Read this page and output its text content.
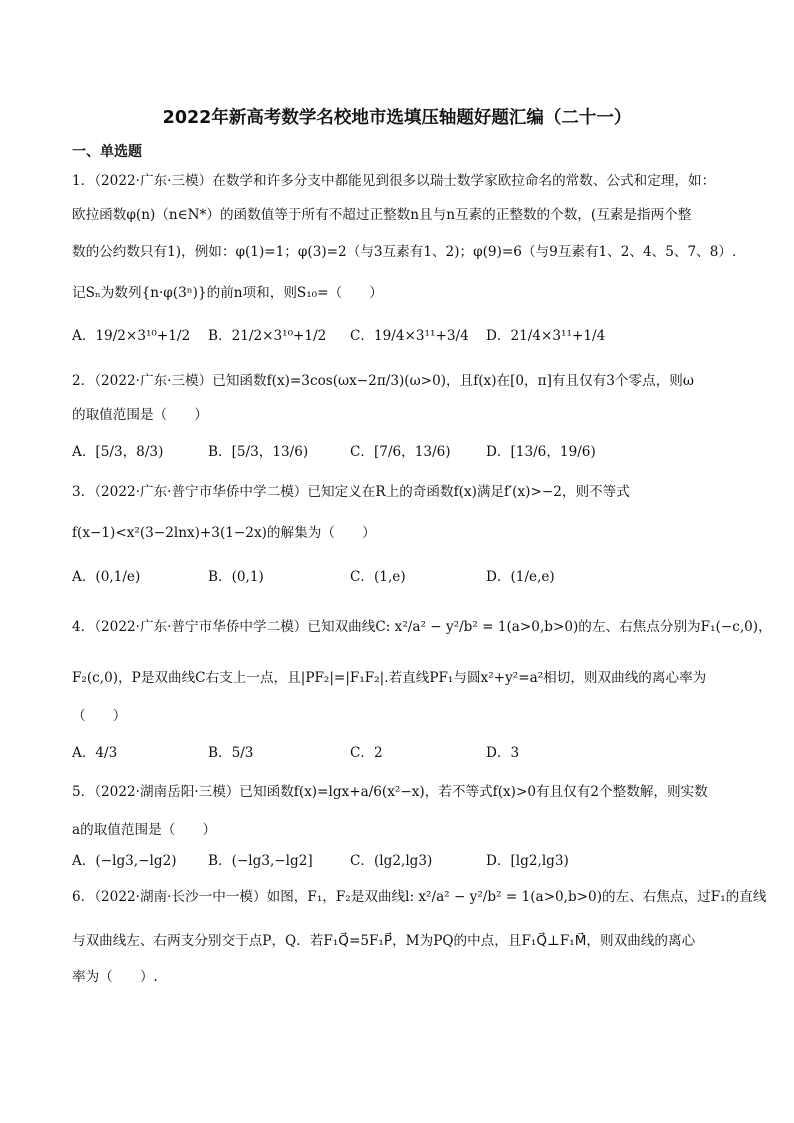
2022年新高考数学名校地市选填压轴题好题汇编（二十一）
一、单选题
1．（2022·广东·三模）在数学和许多分支中都能见到很多以瑞士数学家欧拉命名的常数、公式和定理，如：
欧拉函数φ(n)（n∈N*）的函数值等于所有不超过正整数n且与n互素的正整数的个数，(互素是指两个整
数的公约数只有1)，例如：φ(1)=1；φ(3)=2（与3互素有1、2)；φ(9)=6（与9互素有1、2、4、5、7、8）.
记Sₙ为数列{n·φ(3ⁿ)}的前n项和，则S₁₀=（　　）
A．19/2×3¹⁰+1/2 B．21/2×3¹⁰+1/2 C．19/4×3¹¹+3/4 D．21/4×3¹¹+1/4
2．（2022·广东·三模）已知函数f(x)=3cos(ωx−2π/3)(ω>0)，且f(x)在[0，π]有且仅有3个零点，则ω
的取值范围是（　　）
A．[5/3，8/3)	B．[5/3，13/6)	C．[7/6，13/6)	D．[13/6，19/6)
3．（2022·广东·普宁市华侨中学二模）已知定义在R上的奇函数f(x)满足f′(x)>−2，则不等式
f(x−1)<x²(3−2lnx)+3(1−2x)的解集为（　　）
A．(0,1/e)	B．(0,1)	C．(1,e)	D．(1/e,e)
4．（2022·广东·普宁市华侨中学二模）已知双曲线C: x²/a² − y²/b² = 1(a>0,b>0)的左、右焦点分别为F₁(−c,0)，
F₂(c,0)，P是双曲线C右支上一点，且|PF₂|=|F₁F₂|.若直线PF₁与圆x²+y²=a²相切，则双曲线的离心率为
（　　）
A．4/3	B．5/3	C．2	D．3
5．（2022·湖南岳阳·三模）已知函数f(x)=lgx+a/6(x²−x)，若不等式f(x)>0有且仅有2个整数解，则实数
a的取值范围是（　　）
A．(−lg3,−lg2) B．(−lg3,−lg2]	C．(lg2,lg3)	D．[lg2,lg3)
6．（2022·湖南·长沙一中一模）如图，F₁，F₂是双曲线l: x²/a² − y²/b² = 1(a>0,b>0)的左、右焦点，过F₁的直线
与双曲线左、右两支分别交于点P，Q．若F₁Q⃗=5F₁P⃗，M为PQ的中点，且F₁Q⃗⊥F₁M⃗，则双曲线的离心
率为（　　）.
